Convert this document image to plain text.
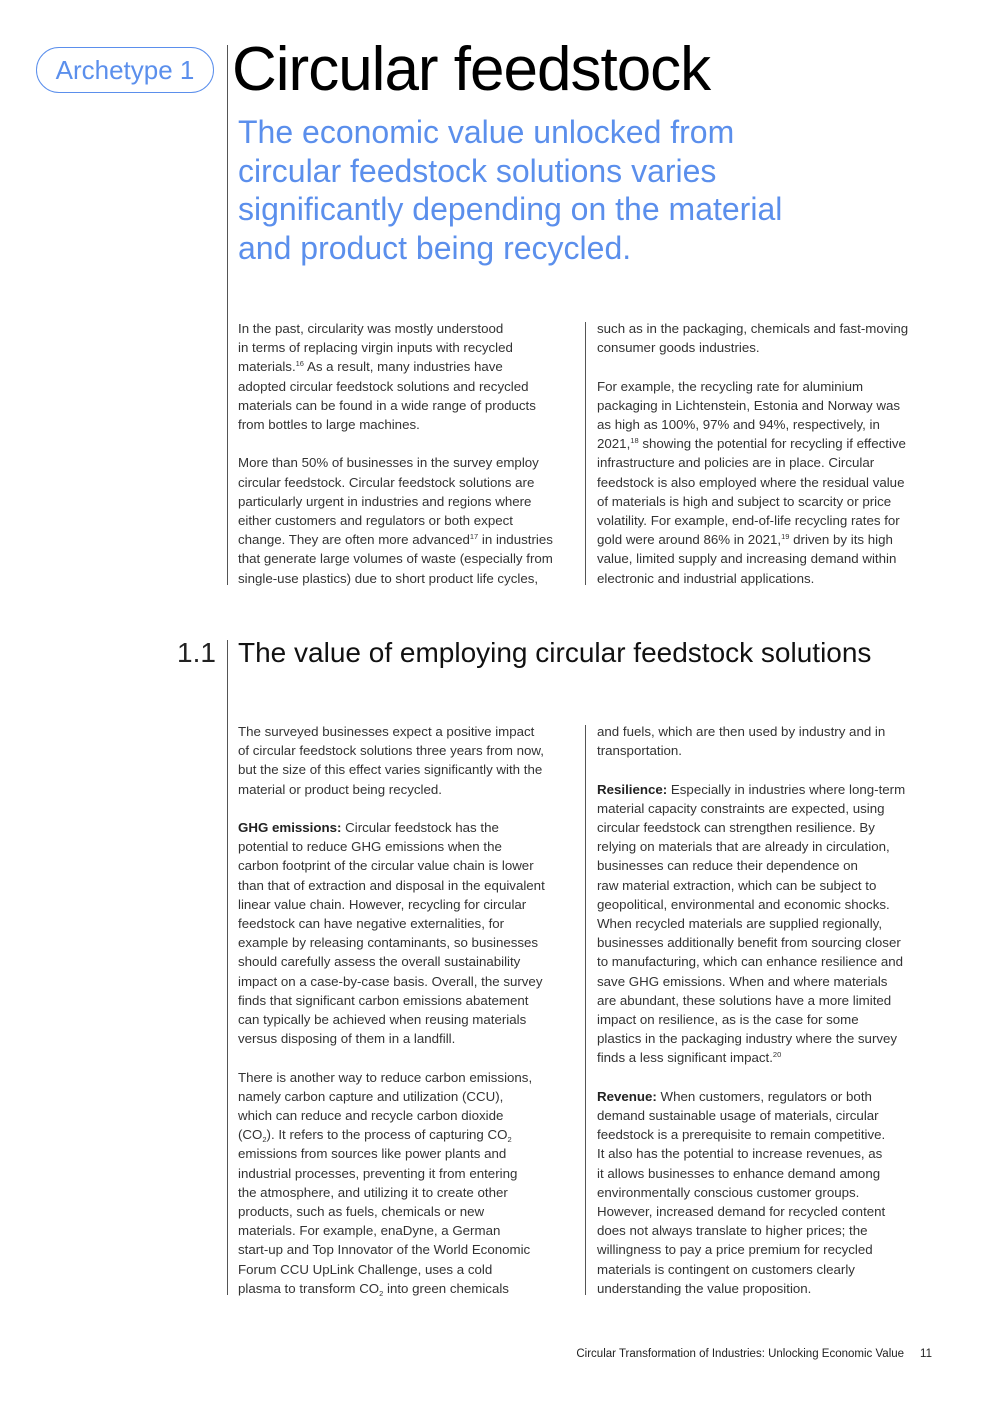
Archetype 1 Circular feedstock
The economic value unlocked from
circular feedstock solutions varies
significantly depending on the material
and product being recycled.

In the past, circularity was mostly understood
in terms of replacing virgin inputs with recycled
materials.$^{16}$ As a result, many industries have
adopted circular feedstock solutions and recycled
materials can be found in a wide range of products
from bottles to large machines.

More than 50% of businesses in the survey employ
circular feedstock. Circular feedstock solutions are
particularly urgent in industries and regions where
either customers and regulators or both expect
change. They are often more advanced$^{17}$ in industries
that generate large volumes of waste (especially from
single-use plastics) due to short product life cycles,

such as in the packaging, chemicals and fast-moving
consumer goods industries.

For example, the recycling rate for aluminium
packaging in Lichtenstein, Estonia and Norway was
as high as 100%, 97% and 94%, respectively, in
2021,18 showing the potential for recycling if effective
infrastructure and policies are in place. Circular
feedstock is also employed where the residual value
of materials is high and subject to scarcity or price
volatility. For example, end-of-life recycling rates for
gold were around 86% in 2021,19 driven by its high
value, limited supply and increasing demand within
electronic and industrial applications.

1.1 The value of employing circular feedstock solutions

The surveyed businesses expect a positive impact
of circular feedstock solutions three years from now,
but the size of this effect varies significantly with the
material or product being recycled.

GHG emissions: Circular feedstock has the
potential to reduce GHG emissions when the
carbon footprint of the circular value chain is lower
than that of extraction and disposal in the equivalent
linear value chain. However, recycling for circular
feedstock can have negative externalities, for
example by releasing contaminants, so businesses
should carefully assess the overall sustainability
impact on a case-by-case basis. Overall, the survey
finds that significant carbon emissions abatement
can typically be achieved when reusing materials
versus disposing of them in a landfill.

There is another way to reduce carbon emissions,
namely carbon capture and utilization (CCU),
which can reduce and recycle carbon dioxide
$(CO_2)$. It refers to the process of capturing $CO_2$
emissions from sources like power plants and
industrial processes, preventing it from entering
the atmosphere, and utilizing it to create other
products, such as fuels, chemicals or new
materials. For example, enaDyne, a German
start-up and Top Innovator of the World Economic
Forum CCU UpLink Challenge, uses a cold
plasma to transform $CO_2$ into green chemicals

and fuels, which are then used by industry and in
transportation.

Resilience: Especially in industries where long-term
material capacity constraints are expected, using
circular feedstock can strengthen resilience. By
relying on materials that are already in circulation,
businesses can reduce their dependence on
raw material extraction, which can be subject to
geopolitical, environmental and economic shocks.
When recycled materials are supplied regionally,
businesses additionally benefit from sourcing closer
to manufacturing, which can enhance resilience and
save GHG emissions. When and where materials
are abundant, these solutions have a more limited
impact on resilience, as is the case for some
plastics in the packaging industry where the survey
finds a less significant impact.$^{20}$

Revenue: When customers, regulators or both
demand sustainable usage of materials, circular
feedstock is a prerequisite to remain competitive.
It also has the potential to increase revenues, as
it allows businesses to enhance demand among
environmentally conscious customer groups.
However, increased demand for recycled content
does not always translate to higher prices; the
willingness to pay a price premium for recycled
materials is contingent on customers clearly
understanding the value proposition.

Circular Transformation of Industries: Unlocking Economic Value 11
